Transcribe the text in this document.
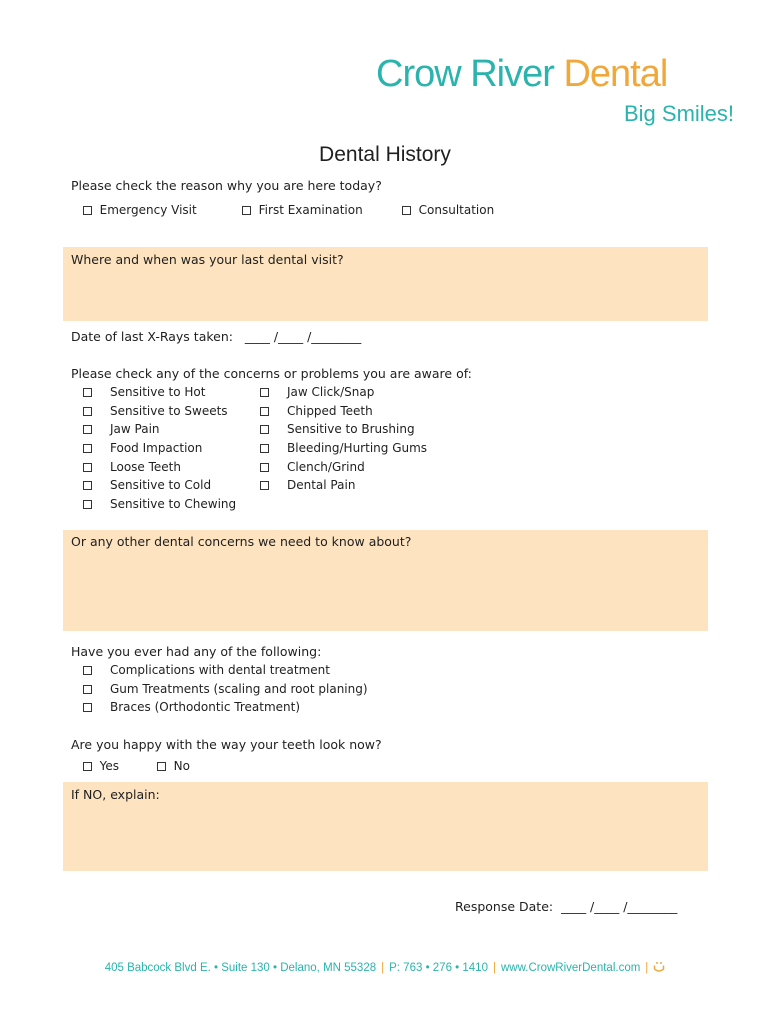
Crow River Dental
Big Smiles!
Dental History
Please check the reason why you are here today?
Emergency Visit	First Examination	Consultation
Where and when was your last dental visit?
Date of last X-Rays taken: ____ /____ /________
Please check any of the concerns or problems you are aware of:
Sensitive to Hot
Sensitive to Sweets
Jaw Pain
Food Impaction
Loose Teeth
Sensitive to Cold
Sensitive to Chewing
Jaw Click/Snap
Chipped Teeth
Sensitive to Brushing
Bleeding/Hurting Gums
Clench/Grind
Dental Pain
Or any other dental concerns we need to know about?
Have you ever had any of the following:
Complications with dental treatment
Gum Treatments (scaling and root planing)
Braces (Orthodontic Treatment)
Are you happy with the way your teeth look now?
Yes	No
If NO, explain:
Response Date: ____ /____ /________
405 Babcock Blvd E. • Suite 130 • Delano, MN 55328 | P: 763 • 276 • 1410 | www.CrowRiverDental.com |
